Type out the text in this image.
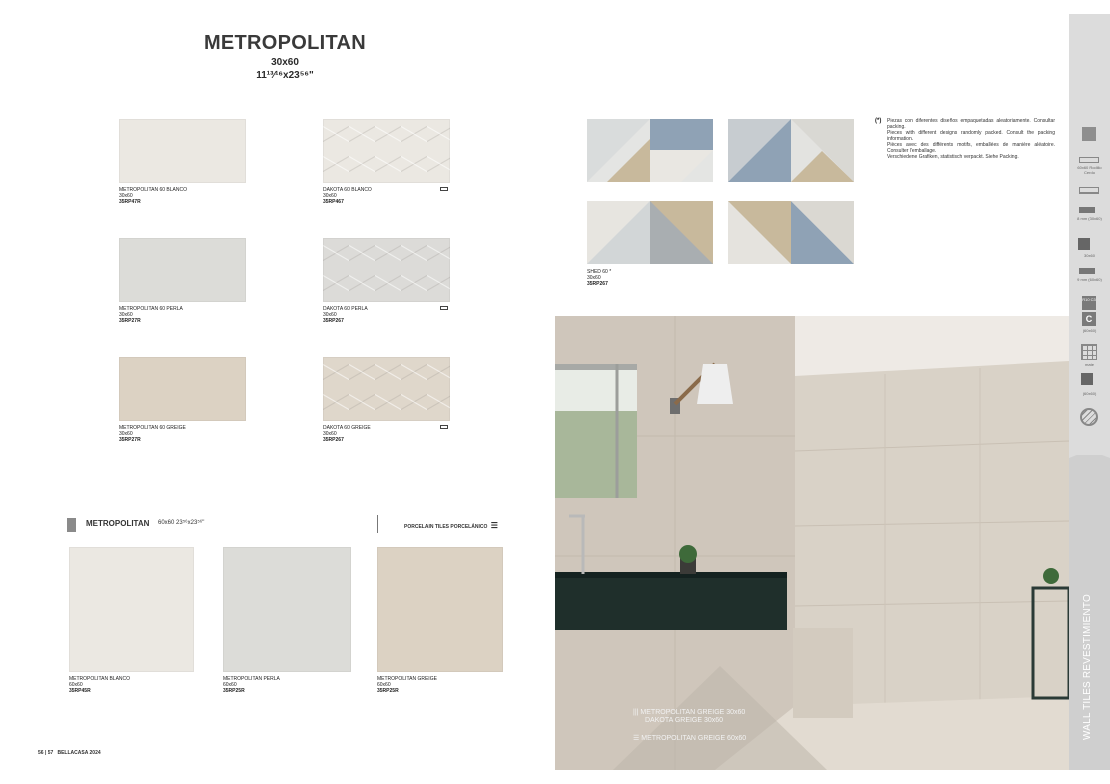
METROPOLITAN
30x60
11¹³⁄¹⁶x23⁵⁶"
METROPOLITAN 60 BLANCO
30x60
35RP47R
DAKOTA 60 BLANCO
30x60
35RP467
METROPOLITAN 60 PERLA
30x60
35RP27R
DAKOTA 60 PERLA
30x60
35RP267
METROPOLITAN 60 GREIGE
30x60
35RP27R
DAKOTA 60 GREIGE
30x60
35RP267
SHED 60 *
30x60
35RP267
(*) Piezas con diferentes diseños empaquetadas aleatoriamente. Consultar packing.
Pieces with different designs randomly packed. Consult the packing information.
Pièces avec des différents motifs, emballées de manière aléatoire. Consulter l'emballage.
Verschiedene Grafiken, statistisch verpackt. Siehe Packing.
METROPOLITAN 60x60 23⁵⁶x23⁵⁶"
PORCELAIN TILES PORCELÁNICO ☰
METROPOLITAN BLANCO
60x60
35RP45R
METROPOLITAN PERLA
60x60
35RP25R
METROPOLITAN GREIGE
60x60
35RP25R
56 | 57 BELLACASA 2024
||| METROPOLITAN GREIGE 30x60
DAKOTA GREIGE 30x60
☰ METROPOLITAN GREIGE 60x60
60x60 Rodillo Cerdo
8 mm (30x60)
30x60
9 mm (60x60)
R10 C3
C
(60x60)
mate
(60x60)
WALL TILES REVESTIMIENTO
